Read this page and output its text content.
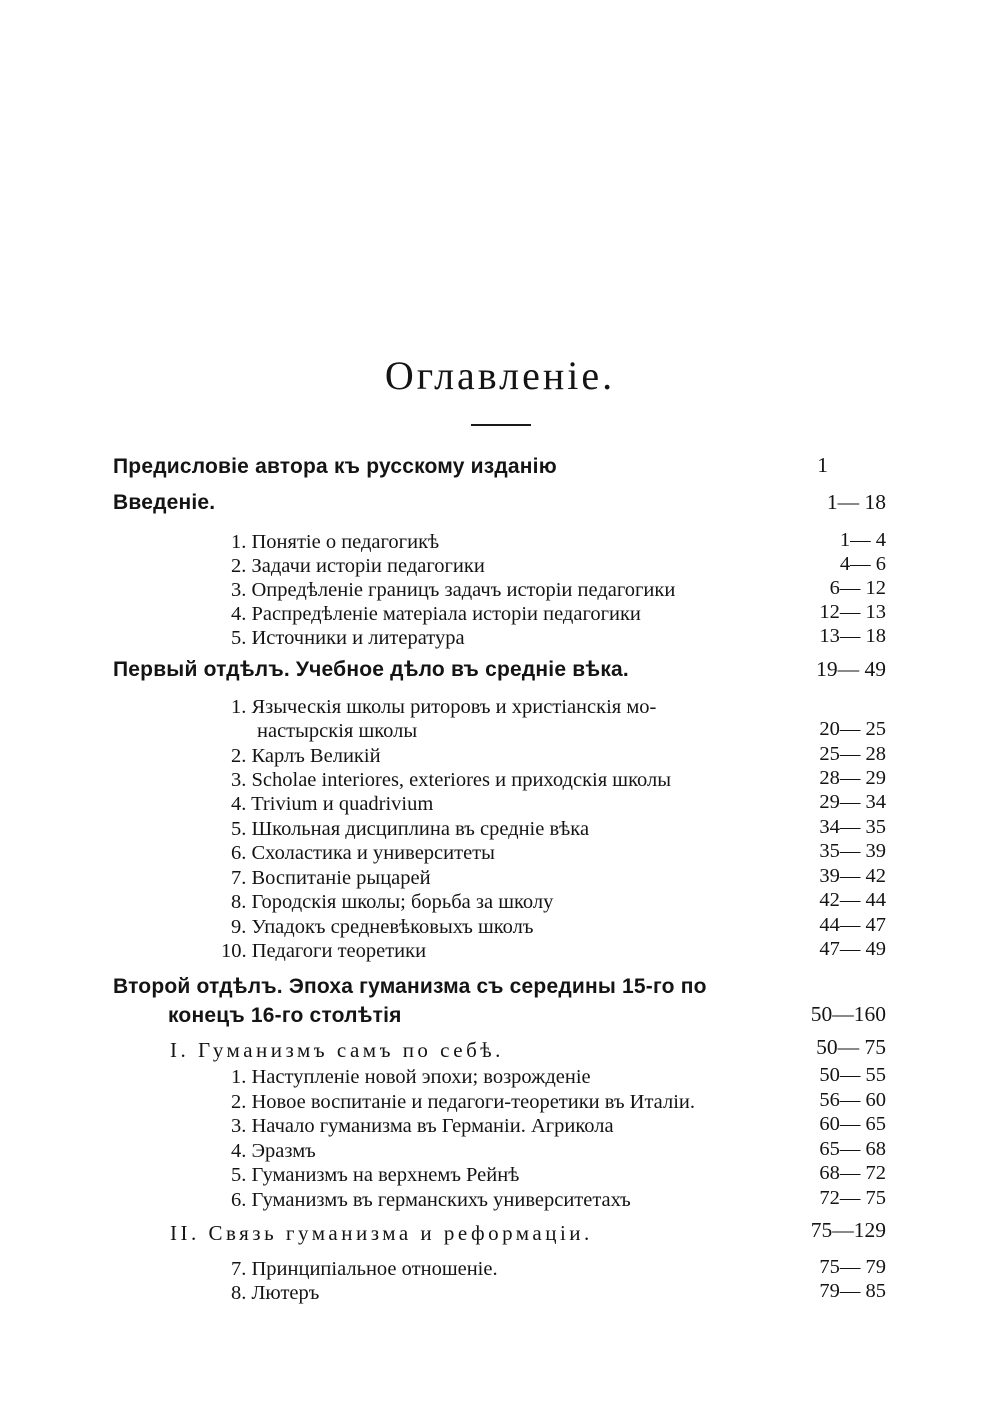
Оглавленіе.
Предисловіе автора къ русскому изданію	1
Введеніе.	1— 18
1. Понятіе о педагогикѣ	1— 4
2. Задачи исторіи педагогики	4— 6
3. Опредѣленіе границъ задачъ исторіи педагогики	6— 12
4. Распредѣленіе матеріала исторіи педагогики	12— 13
5. Источники и литература	13— 18
Первый отдѣлъ. Учебное дѣло въ средніе вѣка.	19— 49
1. Языческія школы риторовъ и христіанскія мо-
настырскія школы	20— 25
2. Карлъ Великій	25— 28
3. Scholae interiores, exteriores и приходскія школы	28— 29
4. Trivium и quadrivium	29— 34
5. Школьная дисциплина въ средніе вѣка	34— 35
6. Схоластика и университеты	35— 39
7. Воспитаніе рыцарей	39— 42
8. Городскія школы; борьба за школу	42— 44
9. Упадокъ средневѣковыхъ школъ	44— 47
10. Педагоги теоретики	47— 49
Второй отдѣлъ. Эпоха гуманизма съ середины 15-го по
конецъ 16-го столѣтія	50—160
I. Гуманизмъ самъ по себѣ.	50— 75
1. Наступленіе новой эпохи; возрожденіе	50— 55
2. Новое воспитаніе и педагоги-теоретики въ Италіи.	56— 60
3. Начало гуманизма въ Германіи. Агрикола	60— 65
4. Эразмъ	65— 68
5. Гуманизмъ на верхнемъ Рейнѣ	68— 72
6. Гуманизмъ въ германскихъ университетахъ	72— 75
II. Связь гуманизма и реформаціи.	75—129
7. Принципіальное отношеніе.	75— 79
8. Лютеръ	79— 85
